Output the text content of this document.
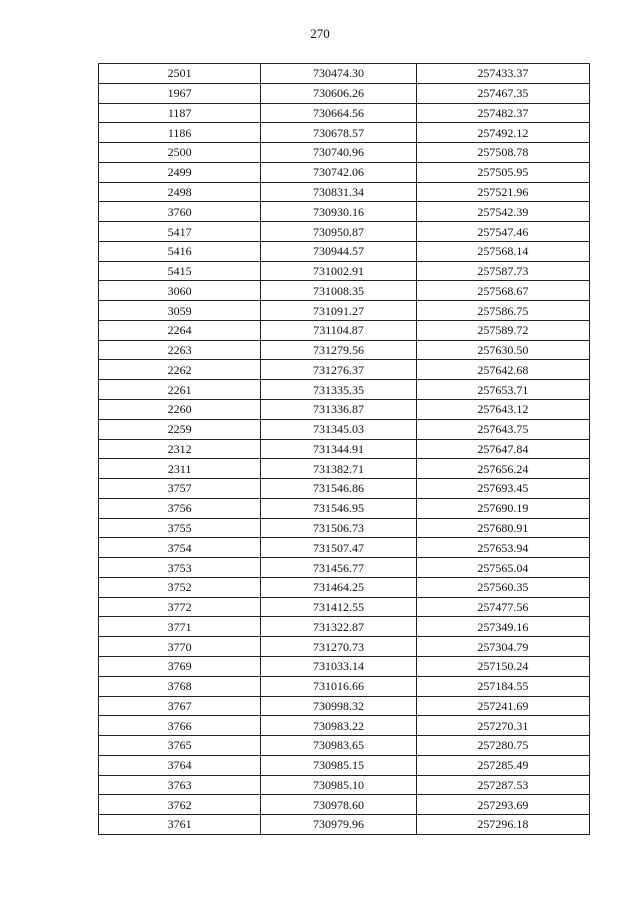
270
2501	730474.30	257433.37
1967	730606.26	257467.35
1187	730664.56	257482.37
1186	730678.57	257492.12
2500	730740.96	257508.78
2499	730742.06	257505.95
2498	730831.34	257521.96
3760	730930.16	257542.39
5417	730950.87	257547.46
5416	730944.57	257568.14
5415	731002.91	257587.73
3060	731008.35	257568.67
3059	731091.27	257586.75
2264	731104.87	257589.72
2263	731279.56	257630.50
2262	731276.37	257642.68
2261	731335.35	257653.71
2260	731336.87	257643.12
2259	731345.03	257643.75
2312	731344.91	257647.84
2311	731382.71	257656.24
3757	731546.86	257693.45
3756	731546.95	257690.19
3755	731506.73	257680.91
3754	731507.47	257653.94
3753	731456.77	257565.04
3752	731464.25	257560.35
3772	731412.55	257477.56
3771	731322.87	257349.16
3770	731270.73	257304.79
3769	731033.14	257150.24
3768	731016.66	257184.55
3767	730998.32	257241.69
3766	730983.22	257270.31
3765	730983.65	257280.75
3764	730985.15	257285.49
3763	730985.10	257287.53
3762	730978.60	257293.69
3761	730979.96	257296.18
